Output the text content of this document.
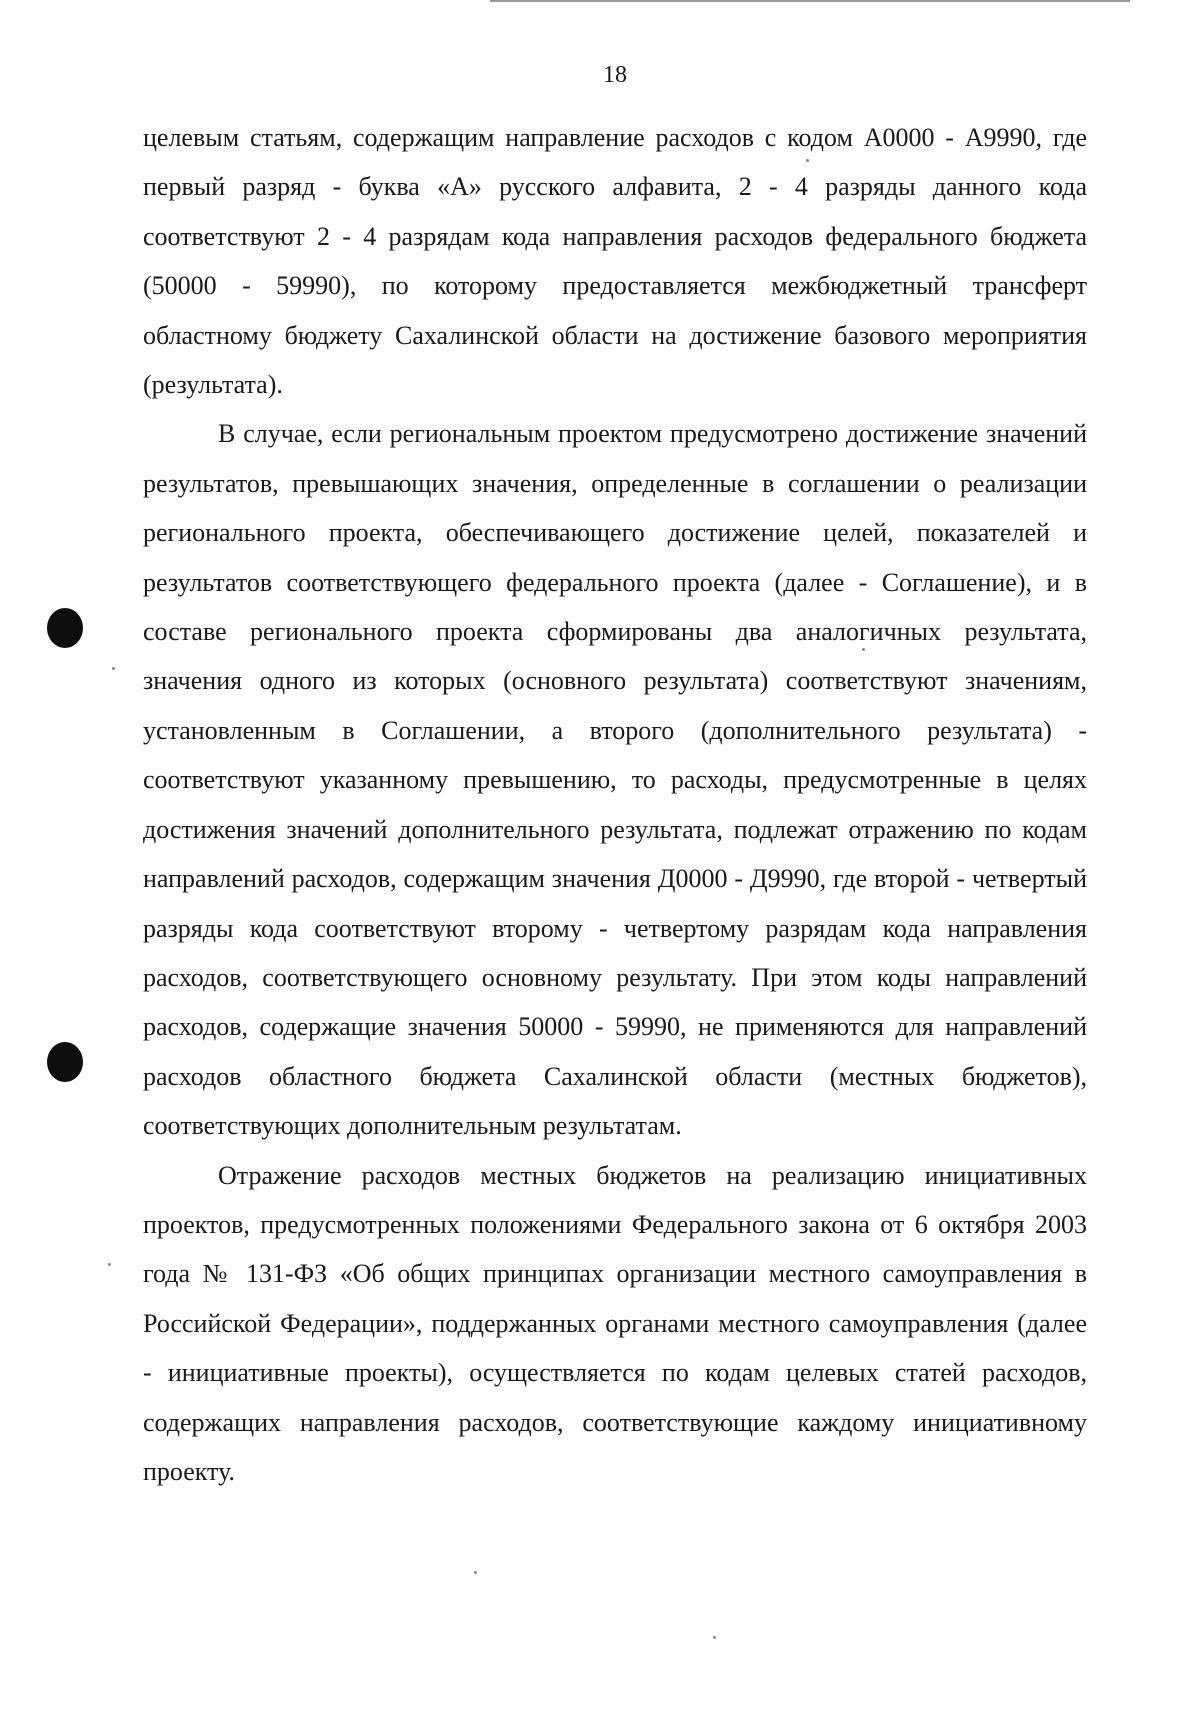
18

целевым статьям, содержащим направление расходов с кодом А0000 - А9990, где первый разряд - буква «А» русского алфавита, 2 - 4 разряды данного кода соответствуют 2 - 4 разрядам кода направления расходов федерального бюджета (50000 - 59990), по которому предоставляется межбюджетный трансферт областному бюджету Сахалинской области на достижение базового мероприятия (результата).

В случае, если региональным проектом предусмотрено достижение значений результатов, превышающих значения, определенные в соглашении о реализации регионального проекта, обеспечивающего достижение целей, показателей и результатов соответствующего федерального проекта (далее - Соглашение), и в составе регионального проекта сформированы два аналогичных результата, значения одного из которых (основного результата) соответствуют значениям, установленным в Соглашении, а второго (дополнительного результата) - соответствуют указанному превышению, то расходы, предусмотренные в целях достижения значений дополнительного результата, подлежат отражению по кодам направлений расходов, содержащим значения Д0000 - Д9990, где второй - четвертый разряды кода соответствуют второму - четвертому разрядам кода направления расходов, соответствующего основному результату. При этом коды направлений расходов, содержащие значения 50000 - 59990, не применяются для направлений расходов областного бюджета Сахалинской области (местных бюджетов), соответствующих дополнительным результатам.

Отражение расходов местных бюджетов на реализацию инициативных проектов, предусмотренных положениями Федерального закона от 6 октября 2003 года № 131-ФЗ «Об общих принципах организации местного самоуправления в Российской Федерации», поддержанных органами местного самоуправления (далее - инициативные проекты), осуществляется по кодам целевых статей расходов, содержащих направления расходов, соответствующие каждому инициативному проекту.
